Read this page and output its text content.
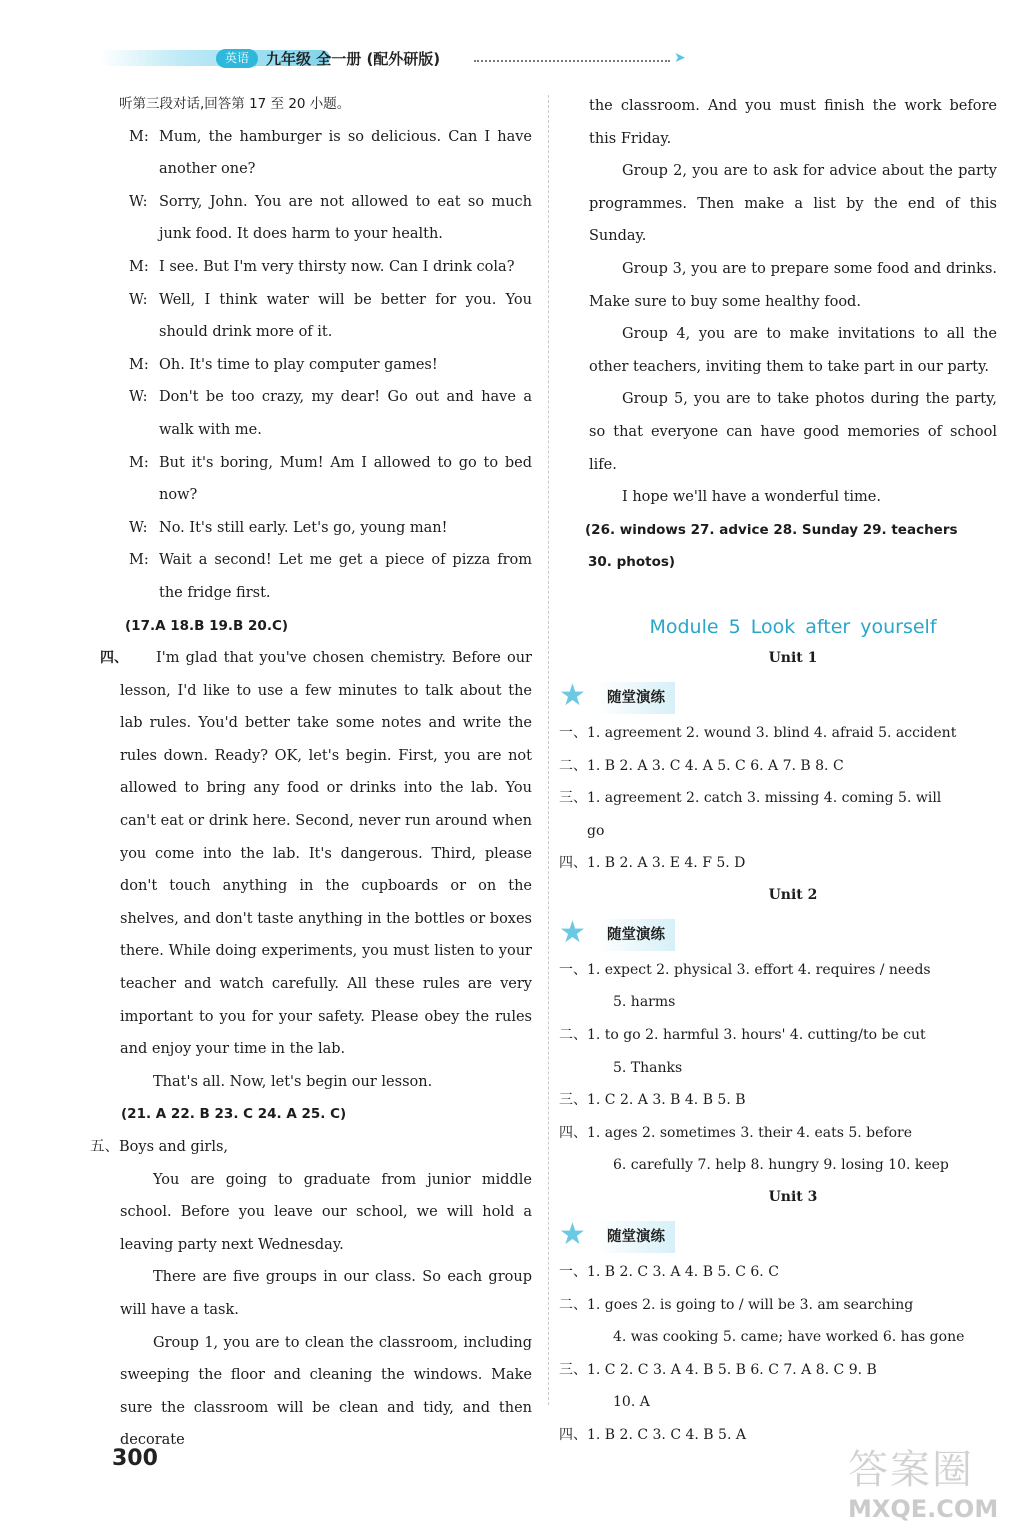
英语	九年级 全一册 (配外研版)	➤

听第三段对话,回答第 17 至 20 小题。

M: Mum, the hamburger is so delicious. Can I have another one?
W: Sorry, John. You are not allowed to eat so much junk food. It does harm to your health.
M: I see. But I'm very thirsty now. Can I drink cola?
W: Well, I think water will be better for you. You should drink more of it.
M: Oh. It's time to play computer games!
W: Don't be too crazy, my dear! Go out and have a walk with me.
M: But it's boring, Mum! Am I allowed to go to bed now?
W: No. It's still early. Let's go, young man!
M: Wait a second! Let me get a piece of pizza from the fridge first.

(17.A 18.B 19.B 20.C)

四、 I'm glad that you've chosen chemistry. Before our lesson, I'd like to use a few minutes to talk about the lab rules. You'd better take some notes and write the rules down. Ready? OK, let's begin. First, you are not allowed to bring any food or drinks into the lab. You can't eat or drink here. Second, never run around when you come into the lab. It's dangerous. Third, please don't touch anything in the cupboards or on the shelves, and don't taste anything in the bottles or boxes there. While doing experiments, you must listen to your teacher and watch carefully. All these rules are very important to you for your safety. Please obey the rules and enjoy your time in the lab.

That's all. Now, let's begin our lesson.

(21. A 22. B 23. C 24. A 25. C)

五、Boys and girls,

You are going to graduate from junior middle school. Before you leave our school, we will hold a leaving party next Wednesday.

There are five groups in our class. So each group will have a task.

Group 1, you are to clean the classroom, including sweeping the floor and cleaning the windows. Make sure the classroom will be clean and tidy, and then decorate

the classroom. And you must finish the work before this Friday.

Group 2, you are to ask for advice about the party programmes. Then make a list by the end of this Sunday.

Group 3, you are to prepare some food and drinks. Make sure to buy some healthy food.

Group 4, you are to make invitations to all the other teachers, inviting them to take part in our party.

Group 5, you are to take photos during the party, so that everyone can have good memories of school life.

I hope we'll have a wonderful time.

(26. windows 27. advice 28. Sunday 29. teachers

30. photos)

Module 5 Look after yourself
Unit 1
★	随堂演练
一、1. agreement 2. wound 3. blind 4. afraid 5. accident
二、1. B 2. A 3. C 4. A 5. C 6. A 7. B 8. C
三、1. agreement 2. catch 3. missing 4. coming 5. will
go
四、1. B 2. A 3. E 4. F 5. D
Unit 2
★	随堂演练
一、1. expect 2. physical 3. effort 4. requires / needs
5. harms
二、1. to go 2. harmful 3. hours' 4. cutting/to be cut
5. Thanks
三、1. C 2. A 3. B 4. B 5. B
四、1. ages 2. sometimes 3. their 4. eats 5. before
6. carefully 7. help 8. hungry 9. losing 10. keep
Unit 3
★	随堂演练
一、1. B 2. C 3. A 4. B 5. C 6. C
二、1. goes 2. is going to / will be 3. am searching
4. was cooking 5. came; have worked 6. has gone
三、1. C 2. C 3. A 4. B 5. B 6. C 7. A 8. C 9. B
10. A
四、1. B 2. C 3. C 4. B 5. A
300	答案圈
MXQE.COM
